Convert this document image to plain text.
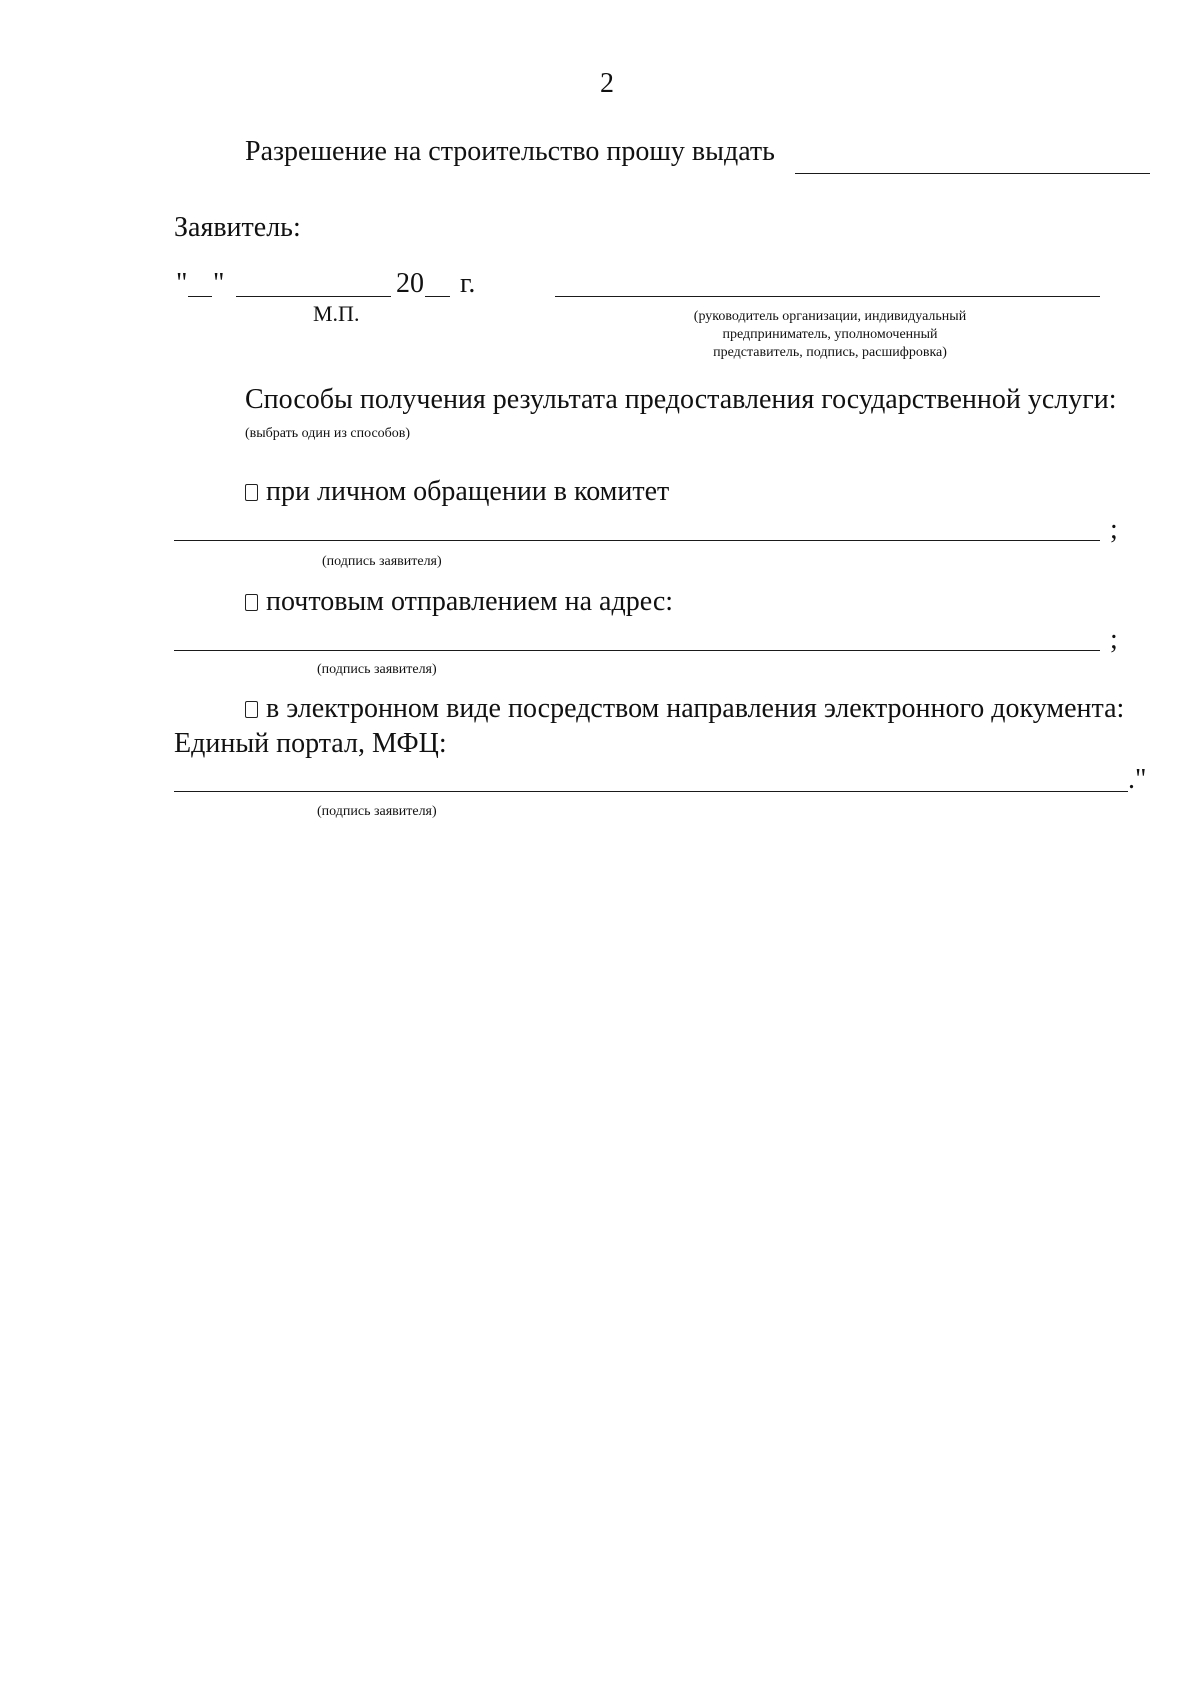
2
Разрешение на строительство прошу выдать
Заявитель:
" "	20 г.
М.П.	(руководитель организации, индивидуальный
предприниматель, уполномоченный
представитель, подпись, расшифровка)
Способы получения результата предоставления государственной услуги:
(выбрать один из способов)
при личном обращении в комитет
;
(подпись заявителя)
почтовым отправлением на адрес:
;
(подпись заявителя)
в электронном виде посредством направления электронного документа:
Единый портал, МФЦ:
."
(подпись заявителя)
